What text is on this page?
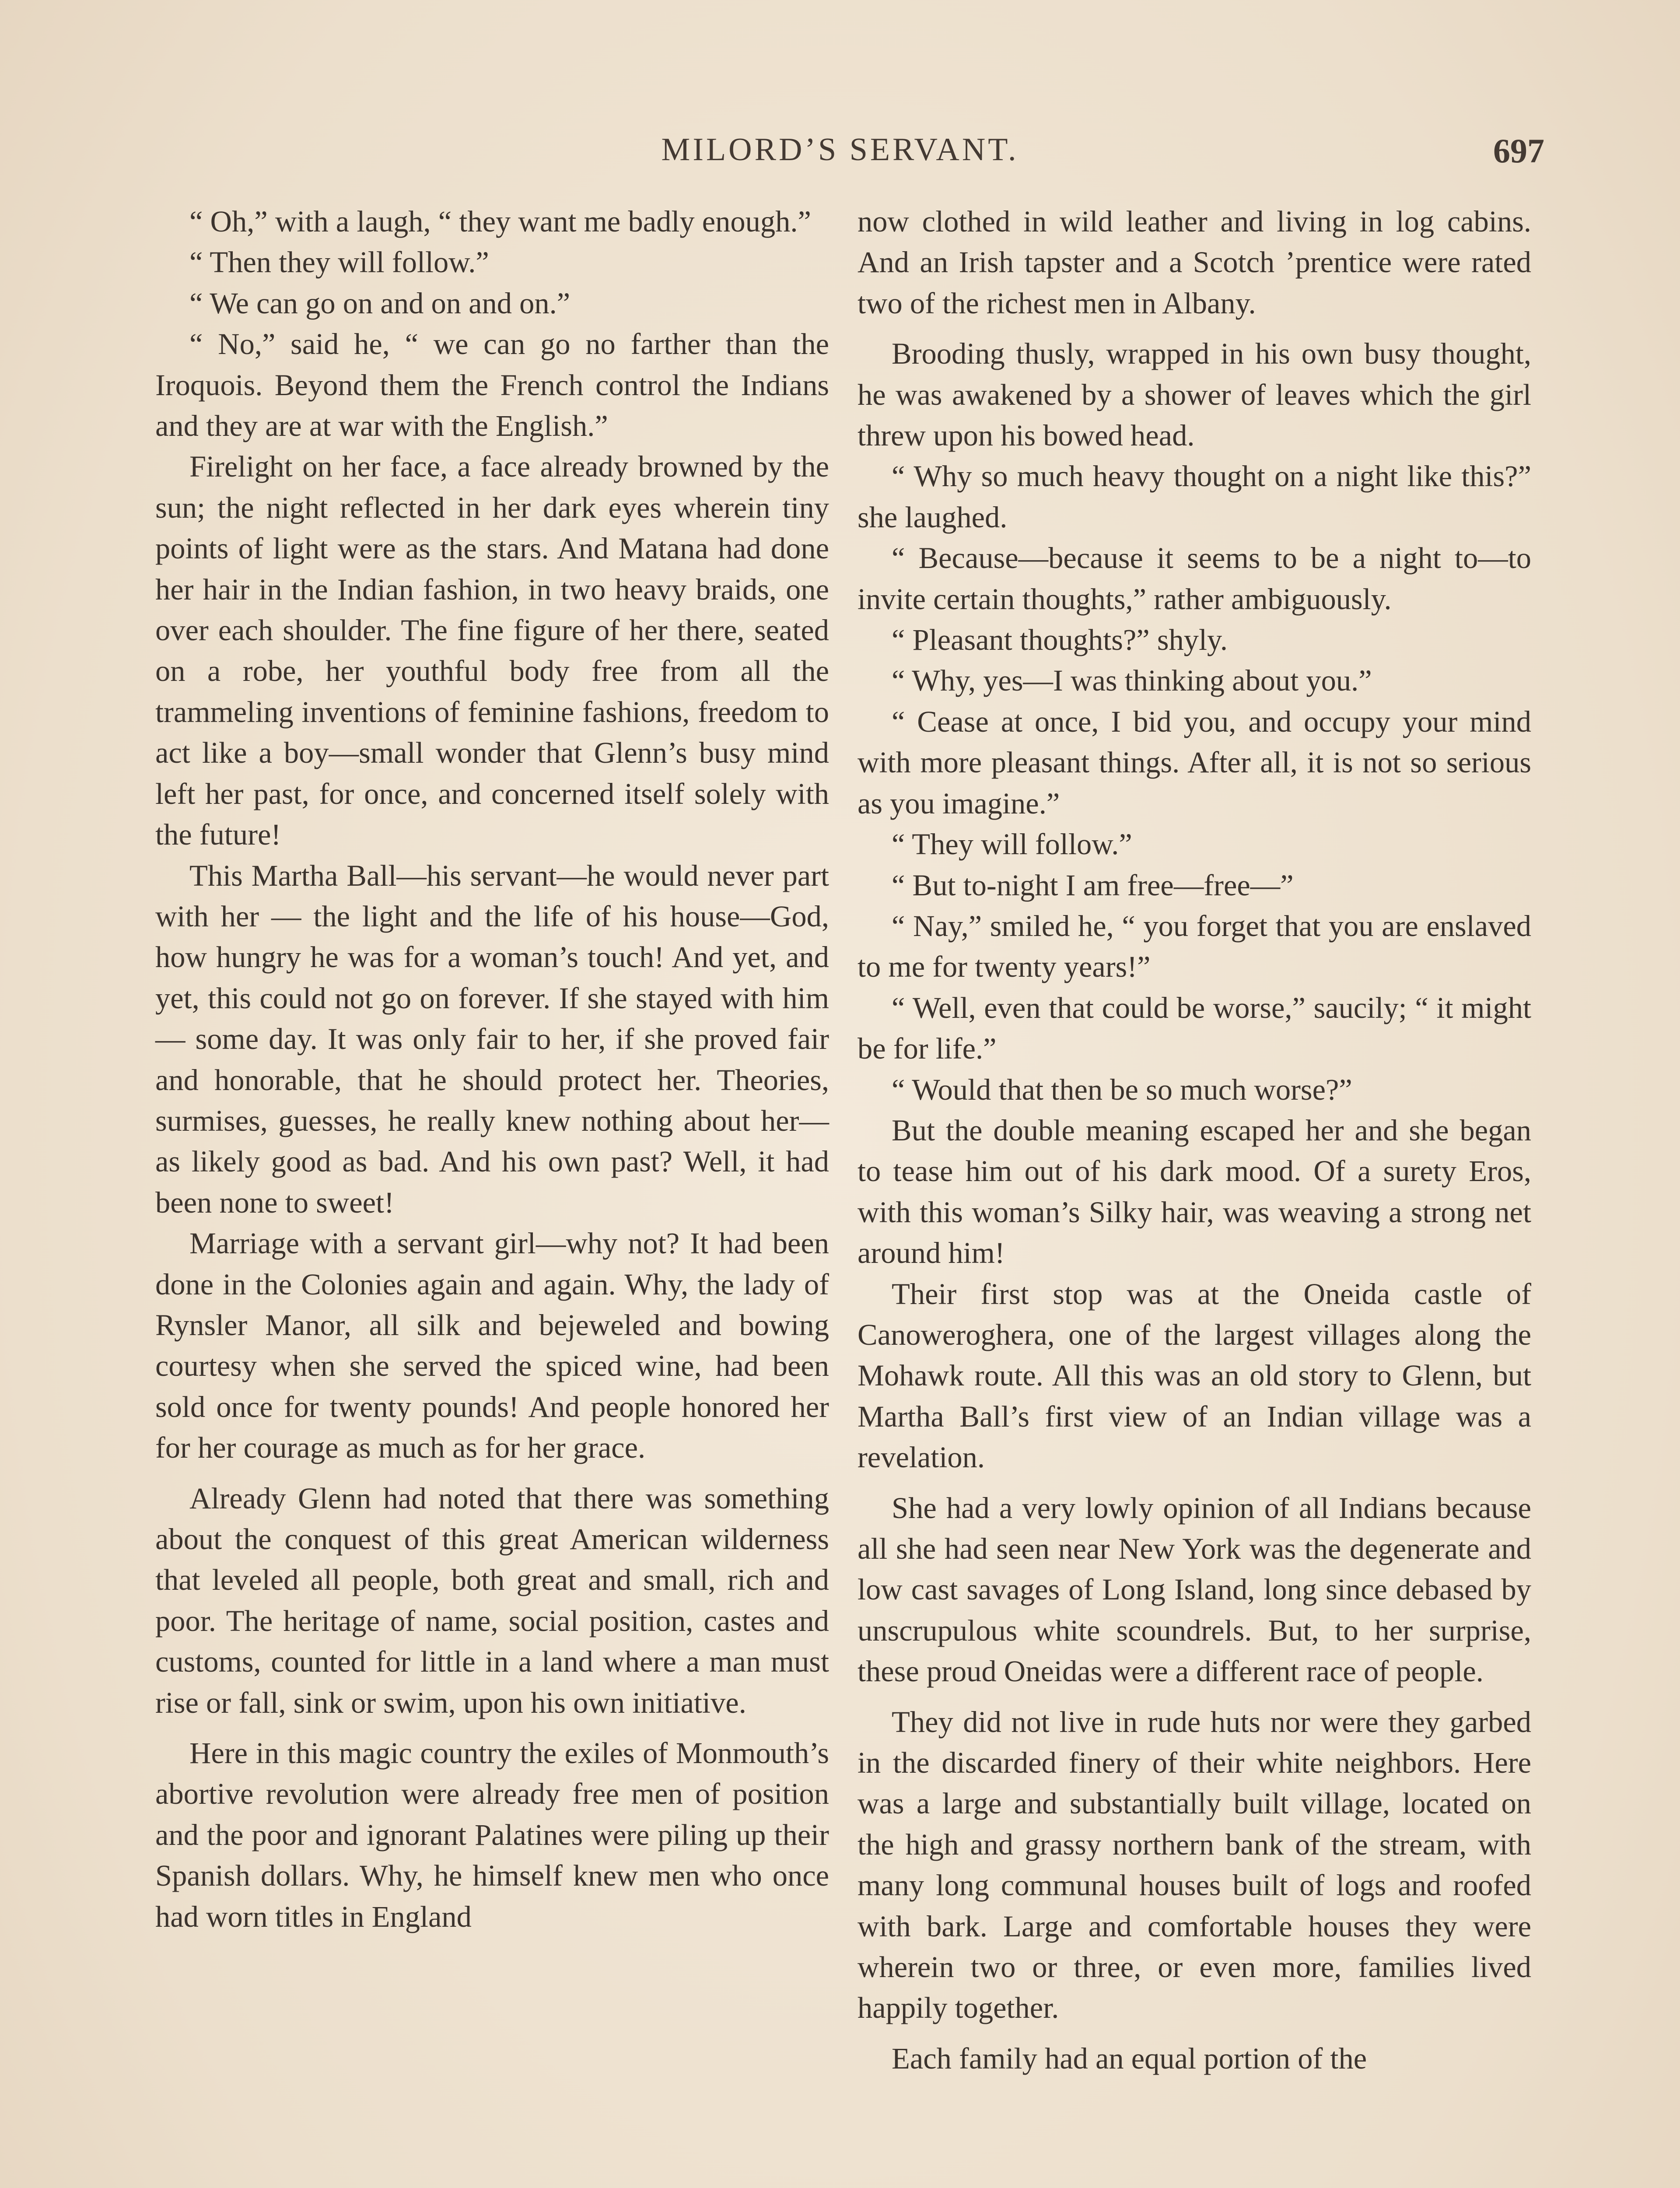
MILORD’S SERVANT.	697

“ Oh,” with a laugh, “ they want me badly enough.”

“ Then they will follow.”

“ We can go on and on and on.”

“ No,” said he, “ we can go no farther than the Iroquois. Beyond them the French control the Indians and they are at war with the English.”

Firelight on her face, a face already browned by the sun; the night reflected in her dark eyes wherein tiny points of light were as the stars. And Matana had done her hair in the Indian fashion, in two heavy braids, one over each shoulder. The fine figure of her there, seated on a robe, her youthful body free from all the trammeling inventions of feminine fashions, freedom to act like a boy—small wonder that Glenn’s busy mind left her past, for once, and concerned itself solely with the future!

This Martha Ball—his servant—he would never part with her — the light and the life of his house—God, how hungry he was for a woman’s touch! And yet, and yet, this could not go on forever. If she stayed with him — some day. It was only fair to her, if she proved fair and honorable, that he should protect her. Theories, surmises, guesses, he really knew nothing about her—as likely good as bad. And his own past? Well, it had been none to sweet!

Marriage with a servant girl—why not? It had been done in the Colonies again and again. Why, the lady of Rynsler Manor, all silk and bejeweled and bowing courtesy when she served the spiced wine, had been sold once for twenty pounds! And people honored her for her courage as much as for her grace.

Already Glenn had noted that there was something about the conquest of this great American wilderness that leveled all people, both great and small, rich and poor. The heritage of name, social position, castes and customs, counted for little in a land where a man must rise or fall, sink or swim, upon his own initiative.

Here in this magic country the exiles of Monmouth’s abortive revolution were already free men of position and the poor and ignorant Palatines were piling up their Spanish dollars. Why, he himself knew men who once had worn titles in England

now clothed in wild leather and living in log cabins. And an Irish tapster and a Scotch ’prentice were rated two of the richest men in Albany.

Brooding thusly, wrapped in his own busy thought, he was awakened by a shower of leaves which the girl threw upon his bowed head.

“ Why so much heavy thought on a night like this?” she laughed.

“ Because—because it seems to be a night to—to invite certain thoughts,” rather ambiguously.

“ Pleasant thoughts?” shyly.

“ Why, yes—I was thinking about you.”

“ Cease at once, I bid you, and occupy your mind with more pleasant things. After all, it is not so serious as you imagine.”

“ They will follow.”

“ But to-night I am free—free—”

“ Nay,” smiled he, “ you forget that you are enslaved to me for twenty years!”

“ Well, even that could be worse,” saucily; “ it might be for life.”

“ Would that then be so much worse?”

But the double meaning escaped her and she began to tease him out of his dark mood. Of a surety Eros, with this woman’s Silky hair, was weaving a strong net around him!

Their first stop was at the Oneida castle of Canoweroghera, one of the largest villages along the Mohawk route. All this was an old story to Glenn, but Martha Ball’s first view of an Indian village was a revelation.

She had a very lowly opinion of all Indians because all she had seen near New York was the degenerate and low cast savages of Long Island, long since debased by unscrupulous white scoundrels. But, to her surprise, these proud Oneidas were a different race of people.

They did not live in rude huts nor were they garbed in the discarded finery of their white neighbors. Here was a large and substantially built village, located on the high and grassy northern bank of the stream, with many long communal houses built of logs and roofed with bark. Large and comfortable houses they were wherein two or three, or even more, families lived happily together.

Each family had an equal portion of the
